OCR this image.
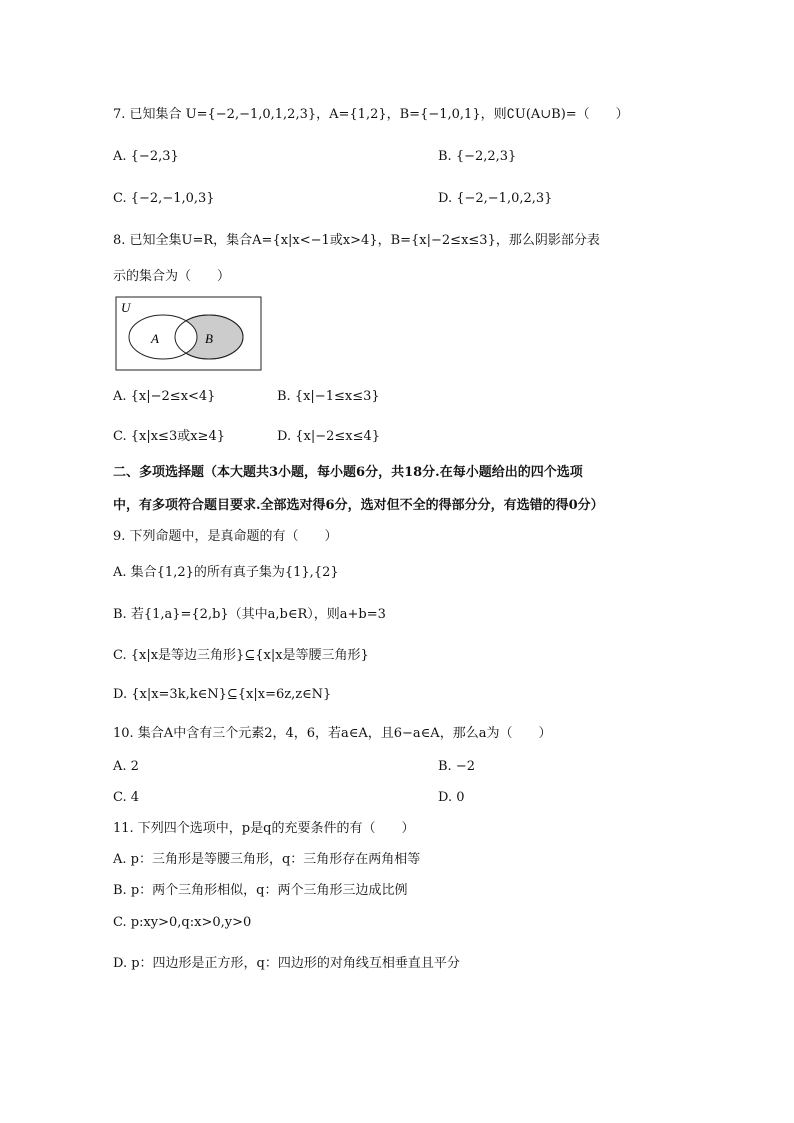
7. 已知集合 U={−2,−1,0,1,2,3}，A={1,2}，B={−1,0,1}，则∁U(A∪B)=（　　）
A. {−2,3}	B. {−2,2,3}
C. {−2,−1,0,3}	D. {−2,−1,0,2,3}
8. 已知全集U=R，集合A={x|x<−1或x>4}，B={x|−2≤x≤3}，那么阴影部分表
示的集合为（　　）
U
A	B
A. {x|−2≤x<4}	B. {x|−1≤x≤3}
C. {x|x≤3或x≥4}	D. {x|−2≤x≤4}
二、多项选择题（本大题共3小题，每小题6分，共18分.在每小题给出的四个选项
中，有多项符合题目要求.全部选对得6分，选对但不全的得部分分，有选错的得0分）
9. 下列命题中，是真命题的有（　　）
A. 集合{1,2}的所有真子集为{1},{2}
B. 若{1,a}={2,b}（其中a,b∈R），则a+b=3
C. {x|x是等边三角形}⊆{x|x是等腰三角形}
D. {x|x=3k,k∈N}⊆{x|x=6z,z∈N}
10. 集合A中含有三个元素2，4，6，若a∈A，且6−a∈A，那么a为（　　）
A. 2	B. −2
C. 4	D. 0
11. 下列四个选项中，p是q的充要条件的有（　　）
A. p：三角形是等腰三角形，q：三角形存在两角相等
B. p：两个三角形相似，q：两个三角形三边成比例
C. p:xy>0,q:x>0,y>0
D. p：四边形是正方形，q：四边形的对角线互相垂直且平分
